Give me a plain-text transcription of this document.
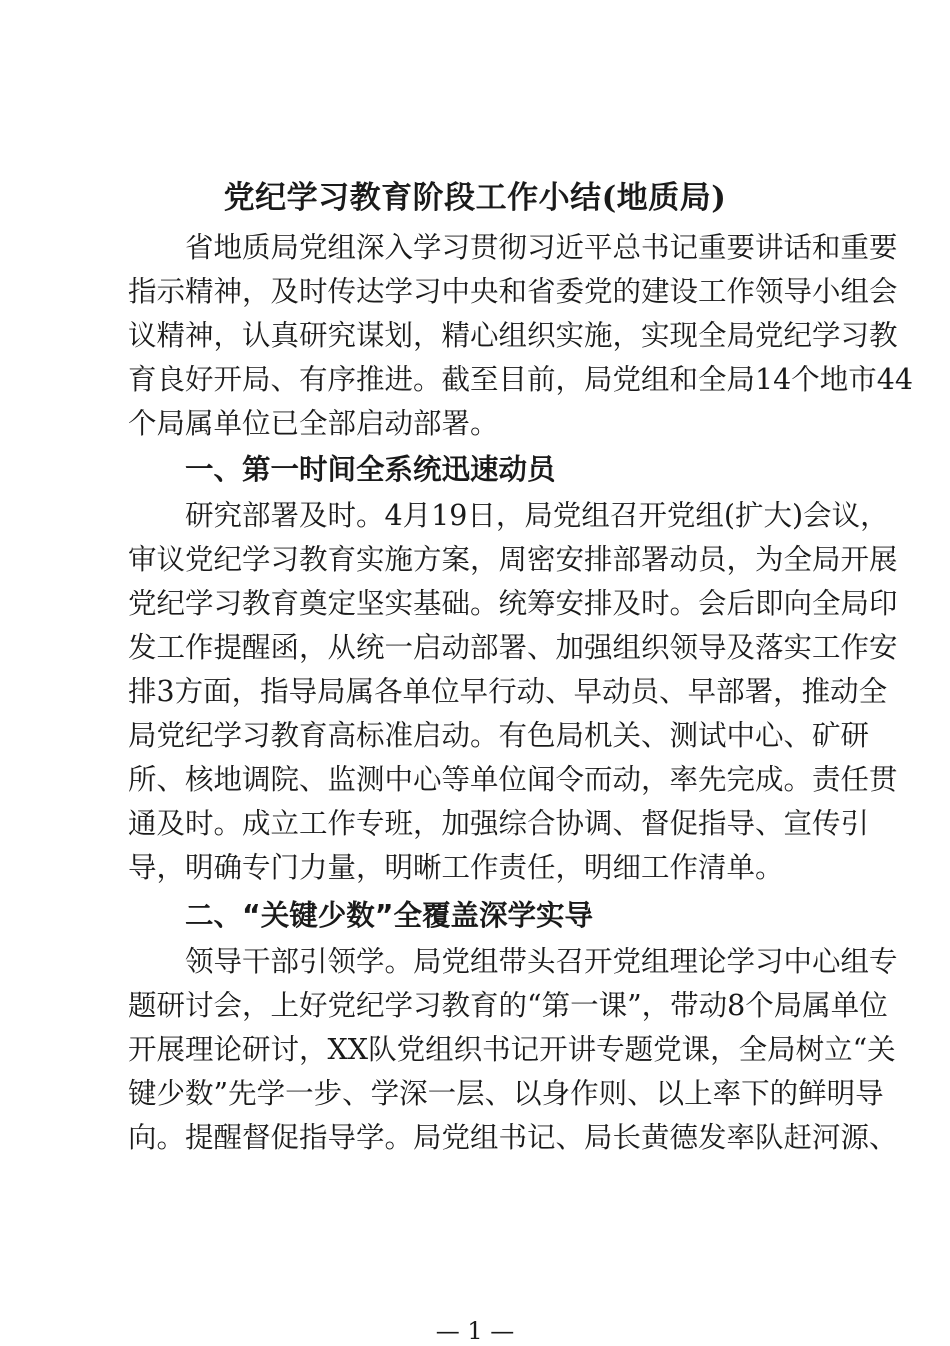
党纪学习教育阶段工作小结(地质局)
省地质局党组深入学习贯彻习近平总书记重要讲话和重要
指示精神，及时传达学习中央和省委党的建设工作领导小组会
议精神，认真研究谋划，精心组织实施，实现全局党纪学习教
育良好开局、有序推进。截至目前，局党组和全局14个地市44
个局属单位已全部启动部署。
一、第一时间全系统迅速动员
研究部署及时。4月19日，局党组召开党组(扩大)会议，
审议党纪学习教育实施方案，周密安排部署动员，为全局开展
党纪学习教育奠定坚实基础。统筹安排及时。会后即向全局印
发工作提醒函，从统一启动部署、加强组织领导及落实工作安
排3方面，指导局属各单位早行动、早动员、早部署，推动全
局党纪学习教育高标准启动。有色局机关、测试中心、矿研
所、核地调院、监测中心等单位闻令而动，率先完成。责任贯
通及时。成立工作专班，加强综合协调、督促指导、宣传引
导，明确专门力量，明晰工作责任，明细工作清单。
二、“关键少数”全覆盖深学实导
领导干部引领学。局党组带头召开党组理论学习中心组专
题研讨会，上好党纪学习教育的“第一课”，带动8个局属单位
开展理论研讨，XX队党组织书记开讲专题党课，全局树立“关
键少数”先学一步、学深一层、以身作则、以上率下的鲜明导
向。提醒督促指导学。局党组书记、局长黄德发率队赶河源、
— 1 —
